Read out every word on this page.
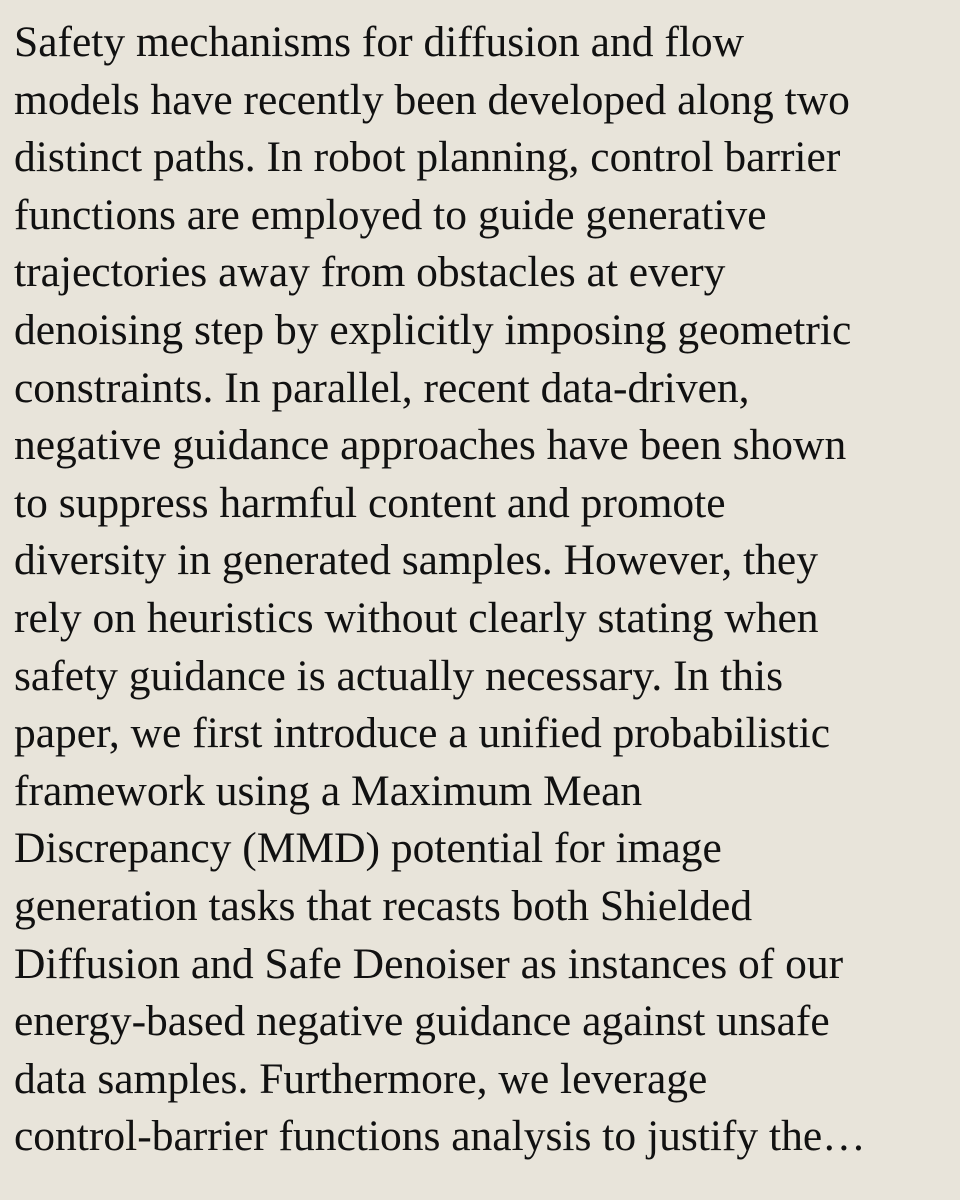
Safety mechanisms for diffusion and flow
models have recently been developed along two
distinct paths. In robot planning, control barrier
functions are employed to guide generative
trajectories away from obstacles at every
denoising step by explicitly imposing geometric
constraints. In parallel, recent data-driven,
negative guidance approaches have been shown
to suppress harmful content and promote
diversity in generated samples. However, they
rely on heuristics without clearly stating when
safety guidance is actually necessary. In this
paper, we first introduce a unified probabilistic
framework using a Maximum Mean
Discrepancy (MMD) potential for image
generation tasks that recasts both Shielded
Diffusion and Safe Denoiser as instances of our
energy-based negative guidance against unsafe
data samples. Furthermore, we leverage
control-barrier functions analysis to justify the…
